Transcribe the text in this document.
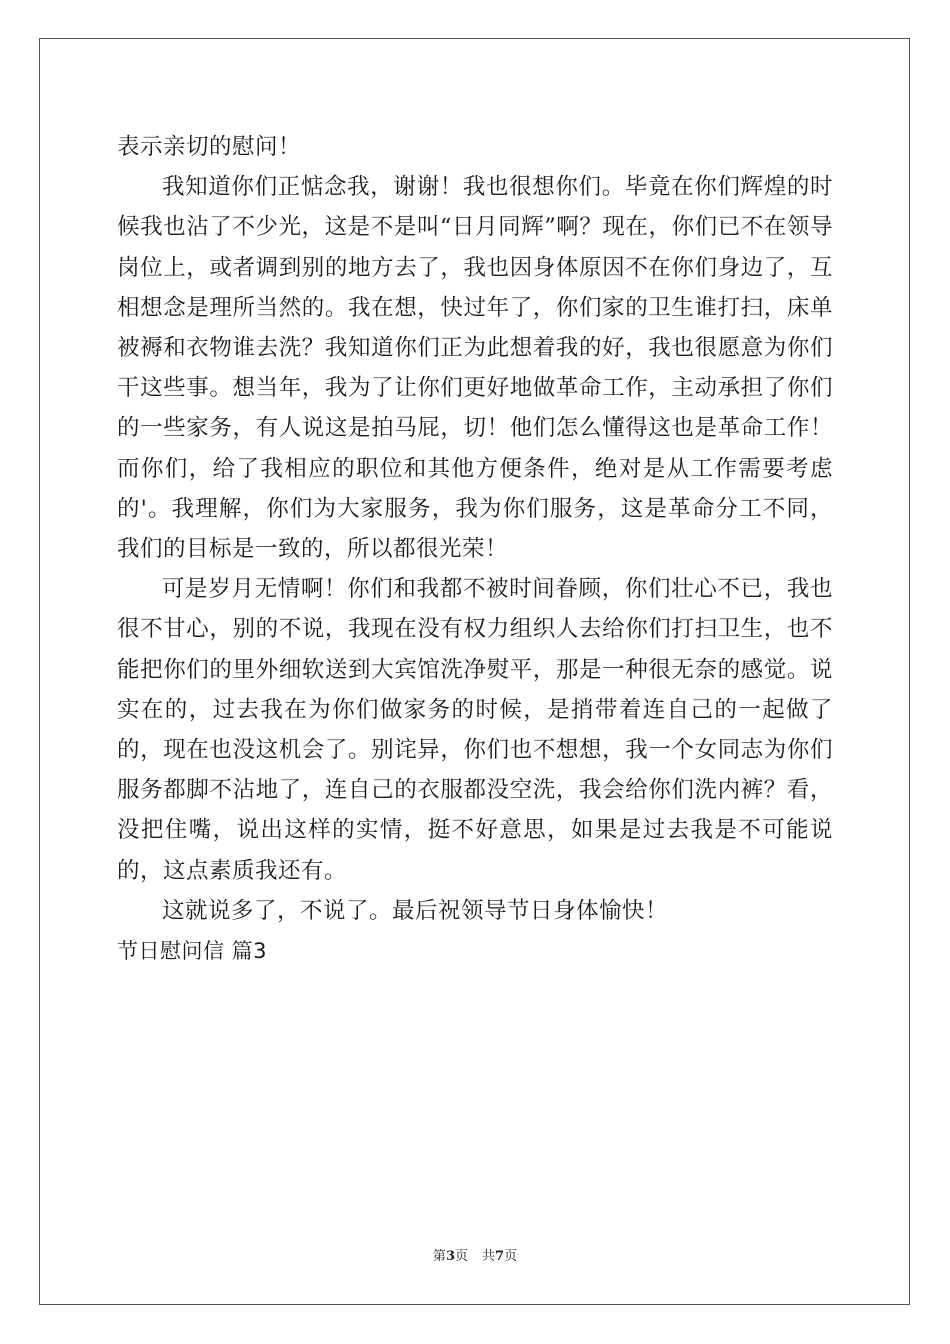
表示亲切的慰问！

我知道你们正惦念我，谢谢！我也很想你们。毕竟在你们辉煌的时候我也沾了不少光，这是不是叫“日月同辉”啊？现在，你们已不在领导岗位上，或者调到别的地方去了，我也因身体原因不在你们身边了，互相想念是理所当然的。我在想，快过年了，你们家的卫生谁打扫，床单被褥和衣物谁去洗？我知道你们正为此想着我的好，我也很愿意为你们干这些事。想当年，我为了让你们更好地做革命工作，主动承担了你们的一些家务，有人说这是拍马屁，切！他们怎么懂得这也是革命工作！而你们，给了我相应的职位和其他方便条件，绝对是从工作需要考虑的'。我理解，你们为大家服务，我为你们服务，这是革命分工不同，我们的目标是一致的，所以都很光荣！

可是岁月无情啊！你们和我都不被时间眷顾，你们壮心不已，我也很不甘心，别的不说，我现在没有权力组织人去给你们打扫卫生，也不能把你们的里外细软送到大宾馆洗净熨平，那是一种很无奈的感觉。说实在的，过去我在为你们做家务的时候，是捎带着连自己的一起做了的，现在也没这机会了。别诧异，你们也不想想，我一个女同志为你们服务都脚不沾地了，连自己的衣服都没空洗，我会给你们洗内裤？看，没把住嘴，说出这样的实情，挺不好意思，如果是过去我是不可能说的，这点素质我还有。

这就说多了，不说了。最后祝领导节日身体愉快！

节日慰问信 篇3
第3页 共7页
